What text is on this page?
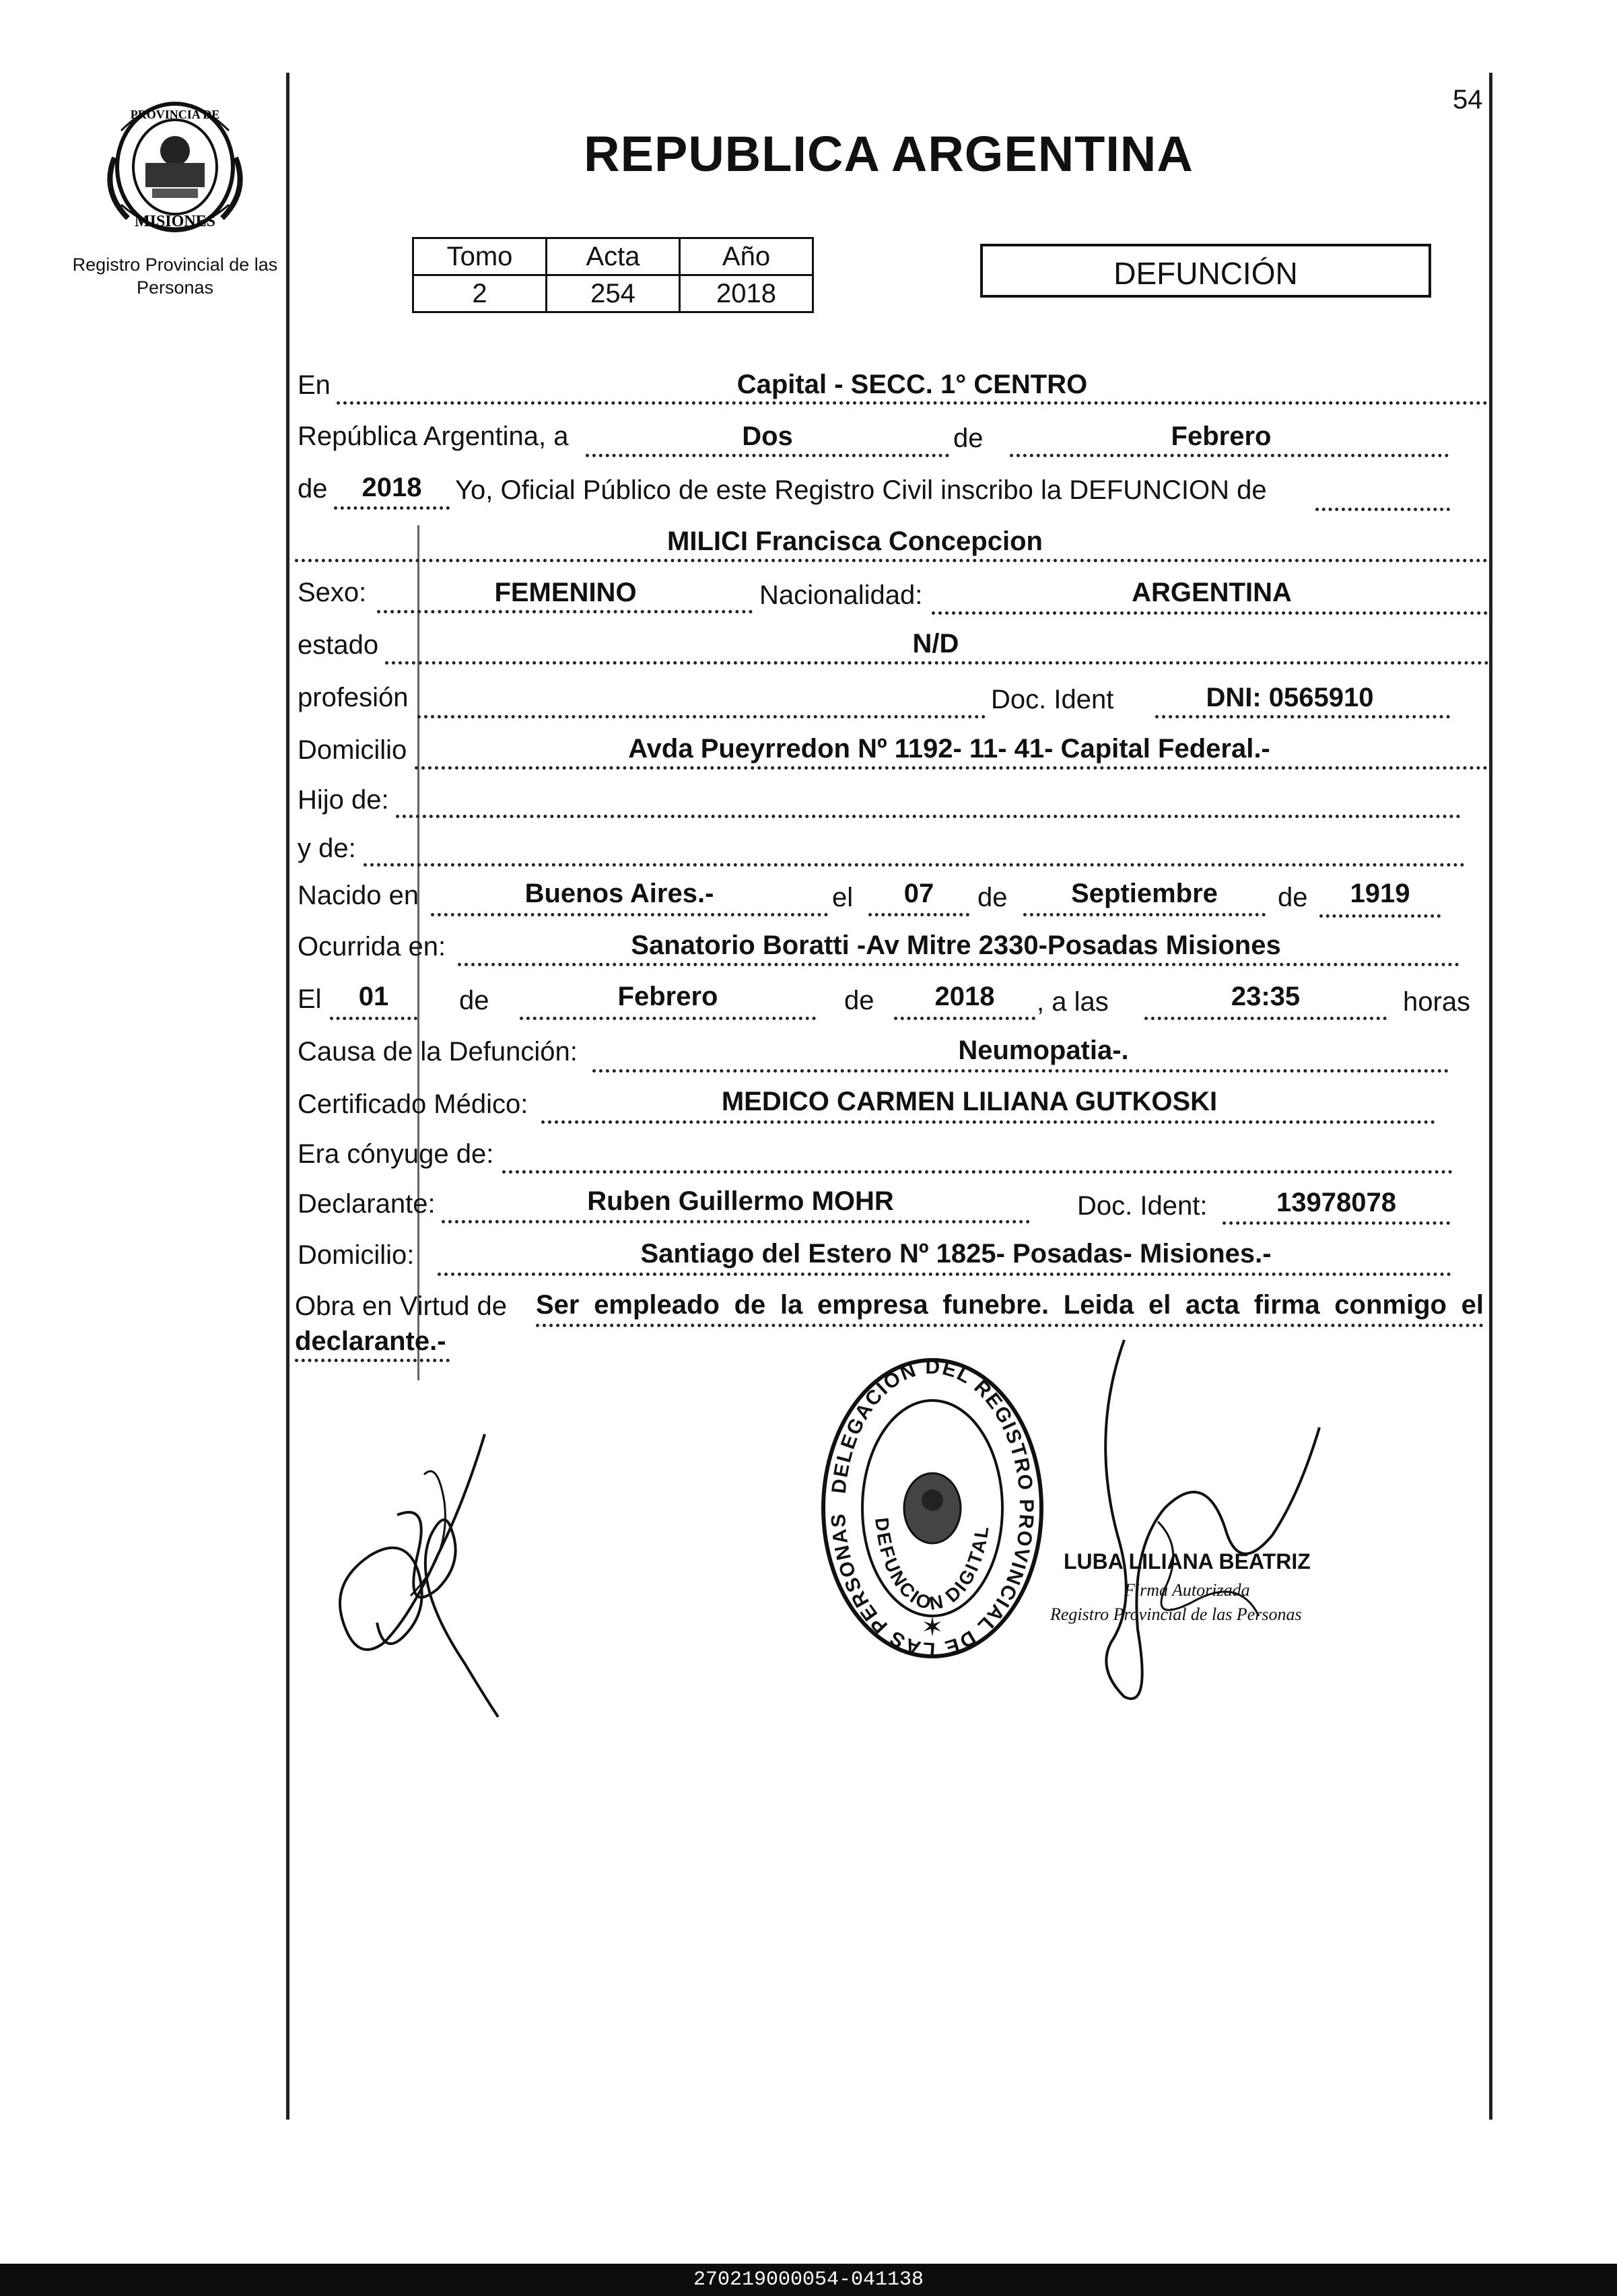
54
PROVINCIA DE
MISIONES
Registro Provincial de las Personas
REPUBLICA ARGENTINA
Tomo	Acta	Año
2	254	2018
DEFUNCIÓN
En	Capital - SECC. 1° CENTRO
República Argentina, a	Dos	de	Febrero
de	2018	Yo, Oficial Público de este Registro Civil inscribo la DEFUNCION de
MILICI Francisca Concepcion
Sexo:	FEMENINO	Nacionalidad:	ARGENTINA
estado	N/D
profesión	Doc. Ident	DNI: 0565910
Domicilio	Avda Pueyrredon Nº 1192- 11- 41- Capital Federal.-
Hijo de:
y de:
Nacido en	Buenos Aires.-	el	07	de	Septiembre	de	1919
Ocurrida en:	Sanatorio Boratti -Av Mitre 2330-Posadas Misiones
El	01	de	Febrero	de	2018	, a las	23:35	horas
Causa de la Defunción:	Neumopatia-.
Certificado Médico:	MEDICO CARMEN LILIANA GUTKOSKI
Era cónyuge de:
Declarante:	Ruben Guillermo MOHR	Doc. Ident:	13978078
Domicilio:	Santiago del Estero Nº 1825- Posadas- Misiones.-
Obra en Virtud de Ser empleado de la empresa funebre. Leida el acta firma conmigo el
declarante.-
DELEGACION DEL REGISTRO PROVINCIAL DE LAS PERSONAS	DEFUNCION DIGITAL
✶
LUBA LILIANA BEATRIZ
Firma Autorizada
Registro Provincial de las Personas
270219000054-041138
